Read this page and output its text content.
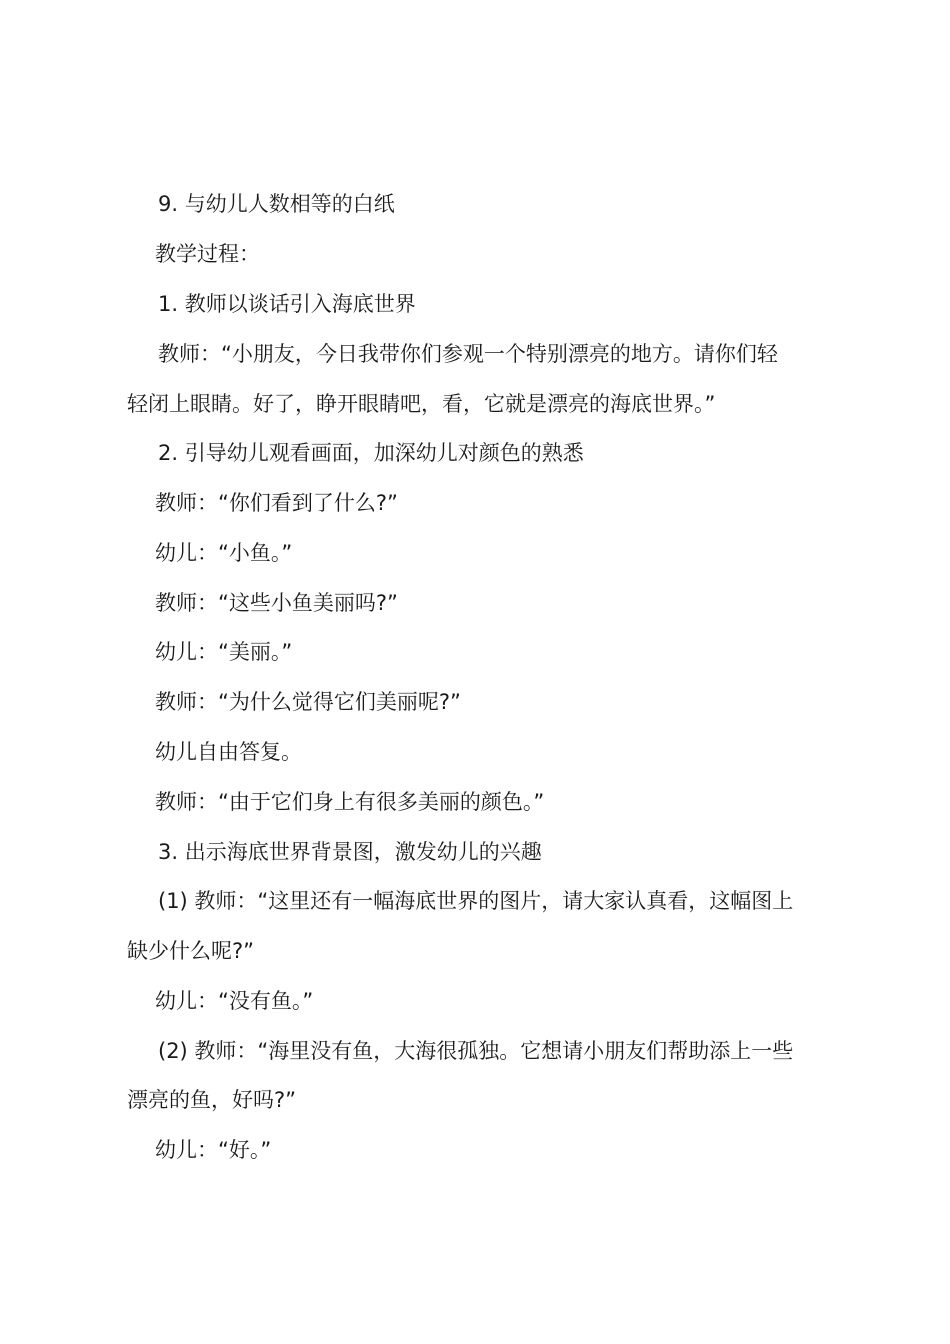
9. 与幼儿人数相等的白纸
教学过程：
1. 教师以谈话引入海底世界
教师：“小朋友，今日我带你们参观一个特别漂亮的地方。请你们轻
轻闭上眼睛。好了，睁开眼睛吧，看，它就是漂亮的海底世界。”
2. 引导幼儿观看画面，加深幼儿对颜色的熟悉
教师：“你们看到了什么?”
幼儿：“小鱼。”
教师：“这些小鱼美丽吗?”
幼儿：“美丽。”
教师：“为什么觉得它们美丽呢?”
幼儿自由答复。
教师：“由于它们身上有很多美丽的颜色。”
3. 出示海底世界背景图，激发幼儿的兴趣
(1) 教师：“这里还有一幅海底世界的图片，请大家认真看，这幅图上
缺少什么呢?”
幼儿：“没有鱼。”
(2) 教师：“海里没有鱼，大海很孤独。它想请小朋友们帮助添上一些
漂亮的鱼，好吗?”
幼儿：“好。”
